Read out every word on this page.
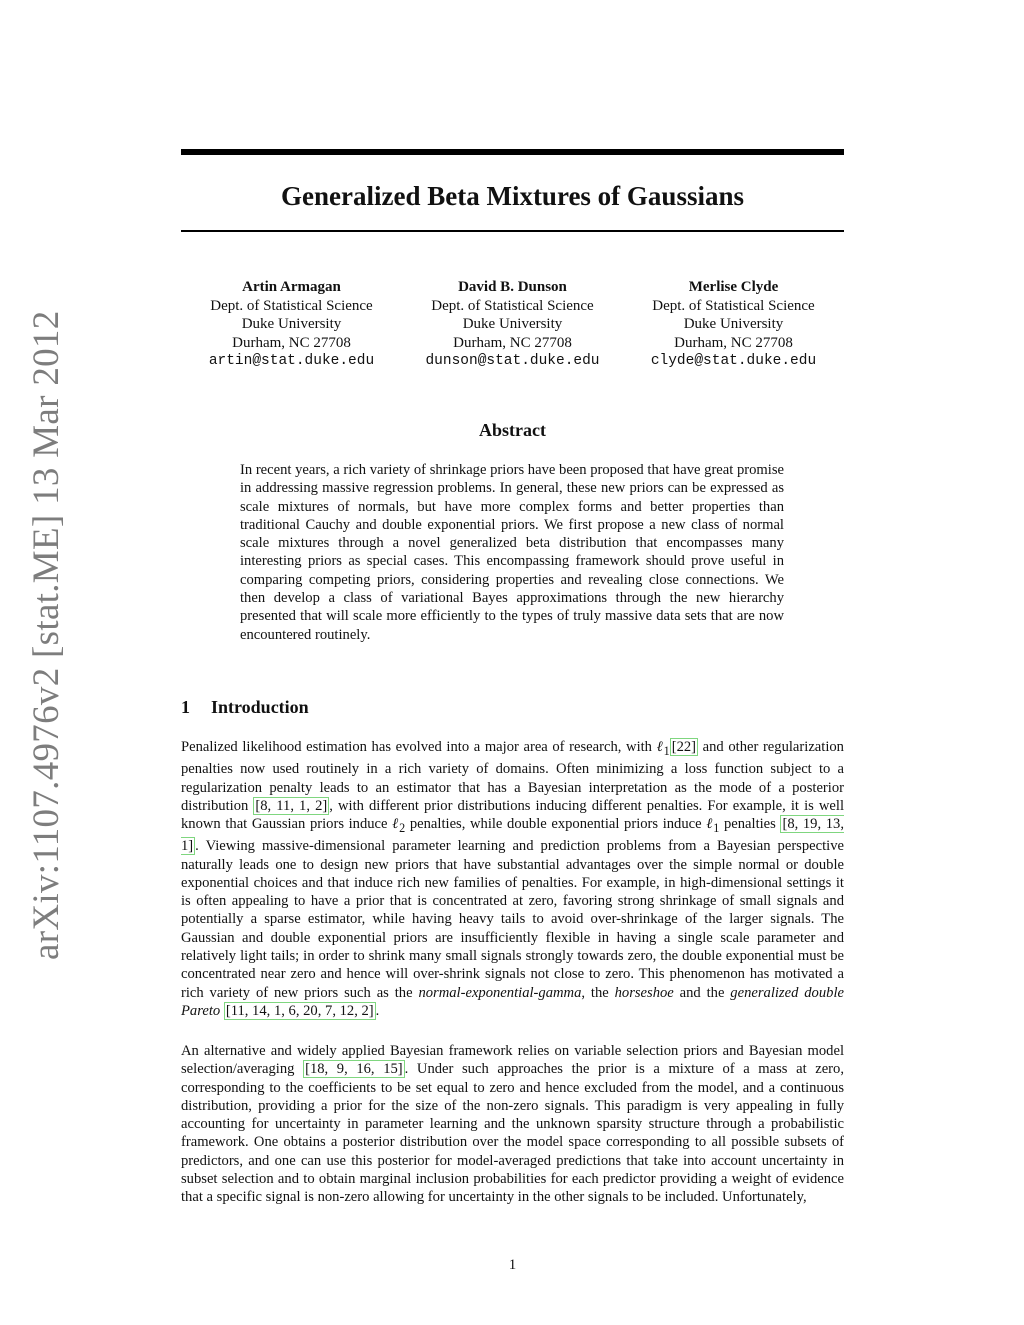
arXiv:1107.4976v2 [stat.ME] 13 Mar 2012
Generalized Beta Mixtures of Gaussians
Artin Armagan
Dept. of Statistical Science
Duke University
Durham, NC 27708
artin@stat.duke.edu
David B. Dunson
Dept. of Statistical Science
Duke University
Durham, NC 27708
dunson@stat.duke.edu
Merlise Clyde
Dept. of Statistical Science
Duke University
Durham, NC 27708
clyde@stat.duke.edu
Abstract
In recent years, a rich variety of shrinkage priors have been proposed that have great promise in addressing massive regression problems. In general, these new priors can be expressed as scale mixtures of normals, but have more complex forms and better properties than traditional Cauchy and double exponential priors. We first propose a new class of normal scale mixtures through a novel generalized beta distribution that encompasses many interesting priors as special cases. This encompassing framework should prove useful in comparing competing priors, considering properties and revealing close connections. We then develop a class of variational Bayes approximations through the new hierarchy presented that will scale more efficiently to the types of truly massive data sets that are now encountered routinely.
1 Introduction

Penalized likelihood estimation has evolved into a major area of research, with ℓ$_1$ [22] and other regularization penalties now used routinely in a rich variety of domains. Often minimizing a loss function subject to a regularization penalty leads to an estimator that has a Bayesian interpretation as the mode of a posterior distribution [8, 11, 1, 2] , with different prior distributions inducing different penalties. For example, it is well known that Gaussian priors induce ℓ$_2$ penalties, while double exponential priors induce ℓ$_1$ penalties [8, 19, 13, 1] . Viewing massive-dimensional parameter learning and prediction problems from a Bayesian perspective naturally leads one to design new priors that have substantial advantages over the simple normal or double exponential choices and that induce rich new families of penalties. For example, in high-dimensional settings it is often appealing to have a prior that is concentrated at zero, favoring strong shrinkage of small signals and potentially a sparse estimator, while having heavy tails to avoid over-shrinkage of the larger signals. The Gaussian and double exponential priors are insufficiently flexible in having a single scale parameter and relatively light tails; in order to shrink many small signals strongly towards zero, the double exponential must be concentrated near zero and hence will over-shrink signals not close to zero. This phenomenon has motivated a rich variety of new priors such as the normal-exponential-gamma, the horseshoe and the generalized double Pareto [11, 14, 1, 6, 20, 7, 12, 2] .

An alternative and widely applied Bayesian framework relies on variable selection priors and Bayesian model selection/averaging [18, 9, 16, 15] . Under such approaches the prior is a mixture of a mass at zero, corresponding to the coefficients to be set equal to zero and hence excluded from the model, and a continuous distribution, providing a prior for the size of the non-zero signals. This paradigm is very appealing in fully accounting for uncertainty in parameter learning and the unknown sparsity structure through a probabilistic framework. One obtains a posterior distribution over the model space corresponding to all possible subsets of predictors, and one can use this posterior for model-averaged predictions that take into account uncertainty in subset selection and to obtain marginal inclusion probabilities for each predictor providing a weight of evidence that a specific signal is non-zero allowing for uncertainty in the other signals to be included. Unfortunately,

1
